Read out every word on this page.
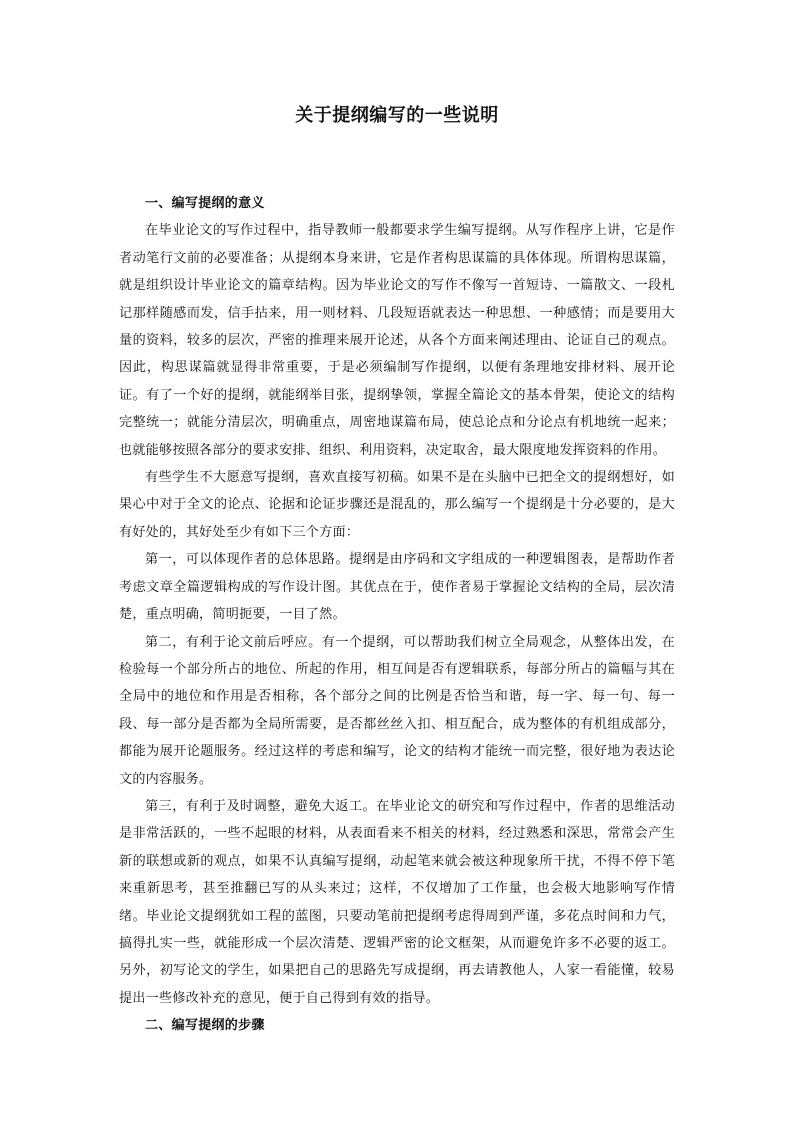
关于提纲编写的一些说明
一、编写提纲的意义

在毕业论文的写作过程中，指导教师一般都要求学生编写提纲。从写作程序上讲，它是作者动笔行文前的必要准备；从提纲本身来讲，它是作者构思谋篇的具体体现。所谓构思谋篇，就是组织设计毕业论文的篇章结构。因为毕业论文的写作不像写一首短诗、一篇散文、一段札记那样随感而发，信手拈来，用一则材料、几段短语就表达一种思想、一种感情；而是要用大量的资料，较多的层次，严密的推理来展开论述，从各个方面来阐述理由、论证自己的观点。因此，构思谋篇就显得非常重要，于是必须编制写作提纲，以便有条理地安排材料、展开论证。有了一个好的提纲，就能纲举目张，提纲挚领，掌握全篇论文的基本骨架，使论文的结构完整统一；就能分清层次，明确重点，周密地谋篇布局，使总论点和分论点有机地统一起来；也就能够按照各部分的要求安排、组织、利用资料，决定取舍，最大限度地发挥资料的作用。

有些学生不大愿意写提纲，喜欢直接写初稿。如果不是在头脑中已把全文的提纲想好，如果心中对于全文的论点、论据和论证步骤还是混乱的，那么编写一个提纲是十分必要的，是大有好处的，其好处至少有如下三个方面：

第一，可以体现作者的总体思路。提纲是由序码和文字组成的一种逻辑图表，是帮助作者考虑文章全篇逻辑构成的写作设计图。其优点在于，使作者易于掌握论文结构的全局，层次清楚，重点明确，简明扼要，一目了然。

第二，有利于论文前后呼应。有一个提纲，可以帮助我们树立全局观念，从整体出发，在检验每一个部分所占的地位、所起的作用，相互间是否有逻辑联系，每部分所占的篇幅与其在全局中的地位和作用是否相称，各个部分之间的比例是否恰当和谐，每一字、每一句、每一段、每一部分是否都为全局所需要，是否都丝丝入扣、相互配合，成为整体的有机组成部分，都能为展开论题服务。经过这样的考虑和编写，论文的结构才能统一而完整，很好地为表达论文的内容服务。

第三，有利于及时调整，避免大返工。在毕业论文的研究和写作过程中，作者的思维活动是非常活跃的，一些不起眼的材料，从表面看来不相关的材料，经过熟悉和深思，常常会产生新的联想或新的观点，如果不认真编写提纲，动起笔来就会被这种现象所干扰，不得不停下笔来重新思考，甚至推翻已写的从头来过；这样，不仅增加了工作量，也会极大地影响写作情绪。毕业论文提纲犹如工程的蓝图，只要动笔前把提纲考虑得周到严谨，多花点时间和力气，搞得扎实一些，就能形成一个层次清楚、逻辑严密的论文框架，从而避免许多不必要的返工。另外，初写论文的学生，如果把自己的思路先写成提纲，再去请教他人，人家一看能懂，较易提出一些修改补充的意见，便于自己得到有效的指导。

二、编写提纲的步骤
